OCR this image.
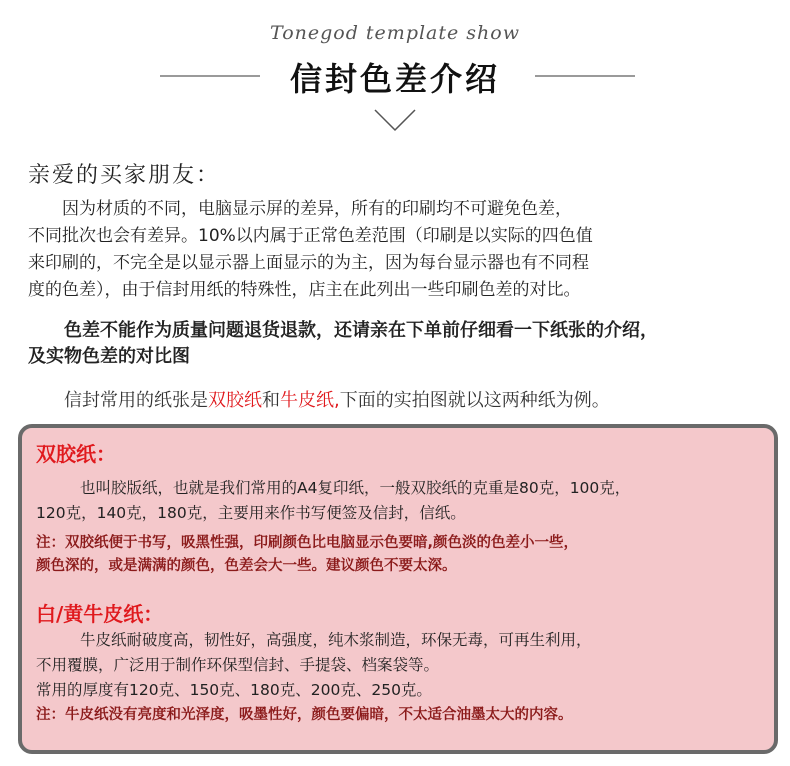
Tonegod template show
信封色差介绍
亲爱的买家朋友：
因为材质的不同，电脑显示屏的差异，所有的印刷均不可避免色差，
不同批次也会有差异。10%以内属于正常色差范围（印刷是以实际的四色值
来印刷的，不完全是以显示器上面显示的为主，因为每台显示器也有不同程
度的色差），由于信封用纸的特殊性，店主在此列出一些印刷色差的对比。
色差不能作为质量问题退货退款，还请亲在下单前仔细看一下纸张的介绍，
及实物色差的对比图
信封常用的纸张是双胶纸和牛皮纸,下面的实拍图就以这两种纸为例。
双胶纸：
也叫胶版纸，也就是我们常用的A4复印纸，一般双胶纸的克重是80克，100克，
120克，140克，180克，主要用来作书写便签及信封，信纸。
注：双胶纸便于书写，吸黑性强，印刷颜色比电脑显示色要暗,颜色淡的色差小一些，
颜色深的，或是满满的颜色，色差会大一些。建议颜色不要太深。
白/黄牛皮纸：
牛皮纸耐破度高，韧性好，高强度，纯木浆制造，环保无毒，可再生利用，
不用覆膜，广泛用于制作环保型信封、手提袋、档案袋等。
常用的厚度有120克、150克、180克、200克、250克。
注：牛皮纸没有亮度和光泽度，吸墨性好，颜色要偏暗，不太适合油墨太大的内容。
